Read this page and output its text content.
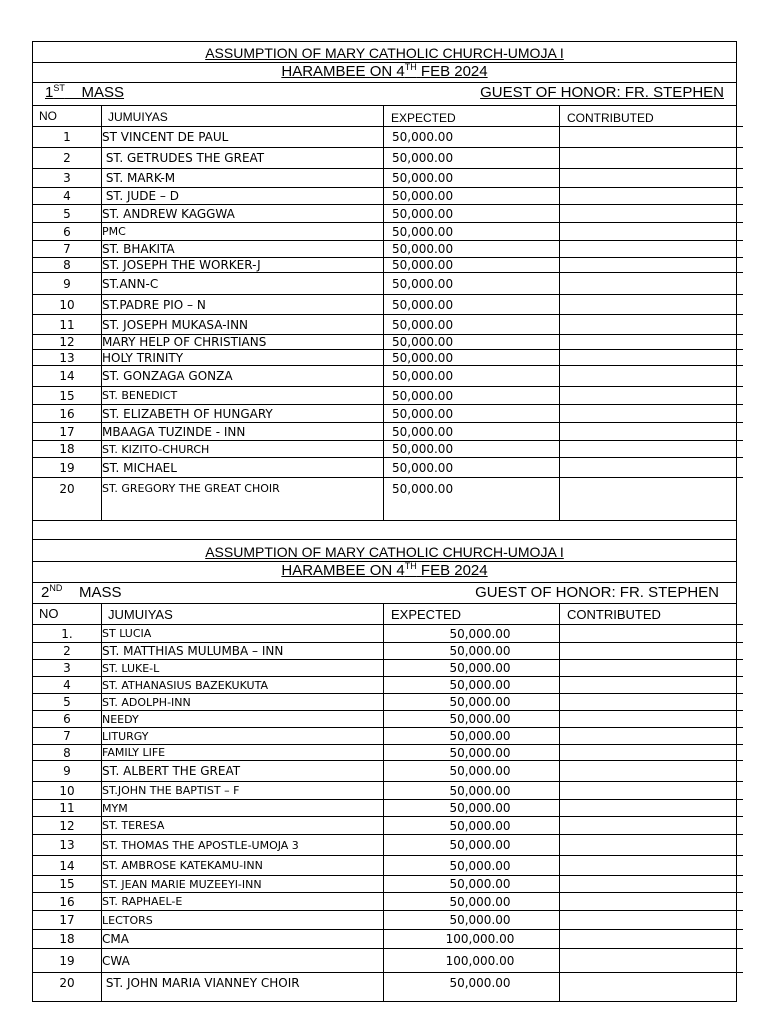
ASSUMPTION OF MARY CATHOLIC CHURCH-UMOJA I
HARAMBEE ON 4TH FEB 2024
1ST MASS	GUEST OF HONOR: FR. STEPHEN
NO	JUMUIYAS	EXPECTED	CONTRIBUTED
1	ST VINCENT DE PAUL	50,000.00	
2	ST. GETRUDES THE GREAT	50,000.00	
3	ST. MARK-M	50,000.00	
4	ST. JUDE – D	50,000.00	
5	ST. ANDREW KAGGWA	50,000.00	
6	PMC	50,000.00	
7	ST. BHAKITA	50,000.00	
8	ST. JOSEPH THE WORKER-J	50,000.00	
9	ST.ANN-C	50,000.00	
10	ST.PADRE PIO – N	50,000.00	
11	ST. JOSEPH MUKASA-INN	50,000.00	
12	MARY HELP OF CHRISTIANS	50,000.00	
13	HOLY TRINITY	50,000.00	
14	ST. GONZAGA GONZA	50,000.00	
15	ST. BENEDICT	50,000.00	
16	ST. ELIZABETH OF HUNGARY	50,000.00	
17	MBAAGA TUZINDE - INN	50,000.00	
18	ST. KIZITO-CHURCH	50,000.00	
19	ST. MICHAEL	50,000.00	
20	ST. GREGORY THE GREAT CHOIR	50,000.00	
ASSUMPTION OF MARY CATHOLIC CHURCH-UMOJA I
HARAMBEE ON 4TH FEB 2024
2ND MASS	GUEST OF HONOR: FR. STEPHEN
NO	JUMUIYAS	EXPECTED	CONTRIBUTED
1.	ST LUCIA	50,000.00	
2	ST. MATTHIAS MULUMBA – INN	50,000.00	
3	ST. LUKE-L	50,000.00	
4	ST. ATHANASIUS BAZEKUKUTA	50,000.00	
5	ST. ADOLPH-INN	50,000.00	
6	NEEDY	50,000.00	
7	LITURGY	50,000.00	
8	FAMILY LIFE	50,000.00	
9	ST. ALBERT THE GREAT	50,000.00	
10	ST.JOHN THE BAPTIST – F	50,000.00	
11	MYM	50,000.00	
12	ST. TERESA	50,000.00	
13	ST. THOMAS THE APOSTLE-UMOJA 3	50,000.00	
14	ST. AMBROSE KATEKAMU-INN	50,000.00	
15	ST. JEAN MARIE MUZEEYI-INN	50,000.00	
16	ST. RAPHAEL-E	50,000.00	
17	LECTORS	50,000.00	
18	CMA	100,000.00	
19	CWA	100,000.00	
20	ST. JOHN MARIA VIANNEY CHOIR	50,000.00	
